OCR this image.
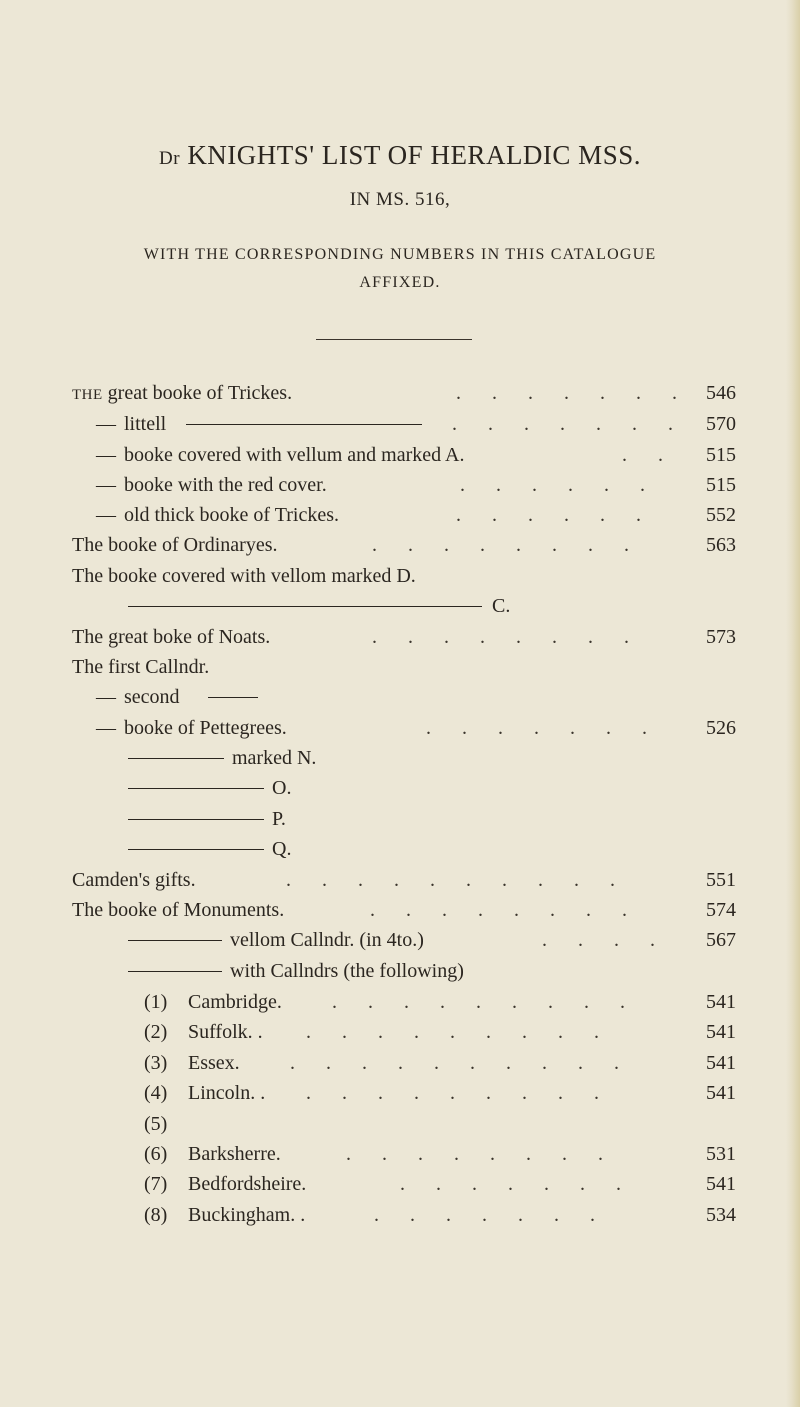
Dr KNIGHTS' LIST OF HERALDIC MSS.
IN MS. 516,
WITH THE CORRESPONDING NUMBERS IN THIS CATALOGUE
AFFIXED.
THE great booke of Trickes.	. . . . . . . 546
— littell	. . . . . . .	570
— booke covered with vellum and marked A.	. .	515
— booke with the red cover.	. . . . . .	515
— old thick booke of Trickes.	. . . . . .	552
The booke of Ordinaryes.	. . . . . . . .	563
The booke covered with vellom marked D.
C.
The great boke of Noats.	. . . . . . . .	573
The first Callndr.
— second
— booke of Pettegrees.	. . . . . . .	526
marked N.
O.
P.
Q.
Camden's gifts.	. . . . . . . . . .	551
The booke of Monuments.	. . . . . . . .	574
vellom Callndr. (in 4to.)	. . . .	567
with Callndrs (the following)
(1) Cambridge.	. . . . . . . . .	541
(2) Suffolk. . . . . . . . . . .	541
(3) Essex.	. . . . . . . . . .	541
(4) Lincoln. . . . . . . . . . .	541
(5)
(6) Barksherre.	. . . . . . . .	531
(7) Bedfordsheire.	. . . . . . .	541
(8) Buckingham. .	. . . . . . .	534
